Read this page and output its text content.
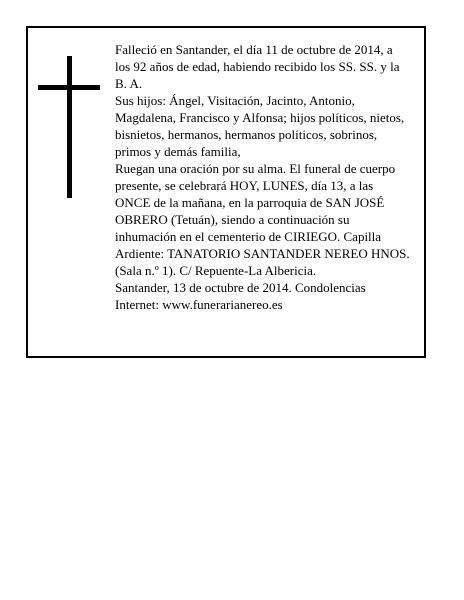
Falleció en Santander, el día 11 de octubre de 2014, a los 92 años de edad, habiendo recibido los SS. SS. y la B. A.

Sus hijos: Ángel, Visitación, Jacinto, Antonio, Magdalena, Francisco y Alfonsa; hijos políticos, nietos, bisnietos, hermanos, hermanos políticos, sobrinos, primos y demás familia,

Ruegan una oración por su alma. El funeral de cuerpo presente, se celebrará HOY, LUNES, día 13, a las ONCE de la mañana, en la parroquia de SAN JOSÉ OBRERO (Tetuán), siendo a continuación su inhumación en el cementerio de CIRIEGO. Capilla Ardiente: TANATORIO SANTANDER NEREO HNOS. (Sala n.º 1). C/ Repuente-La Albericia.

Santander, 13 de octubre de 2014. Condolencias Internet: www.funerarianereo.es
